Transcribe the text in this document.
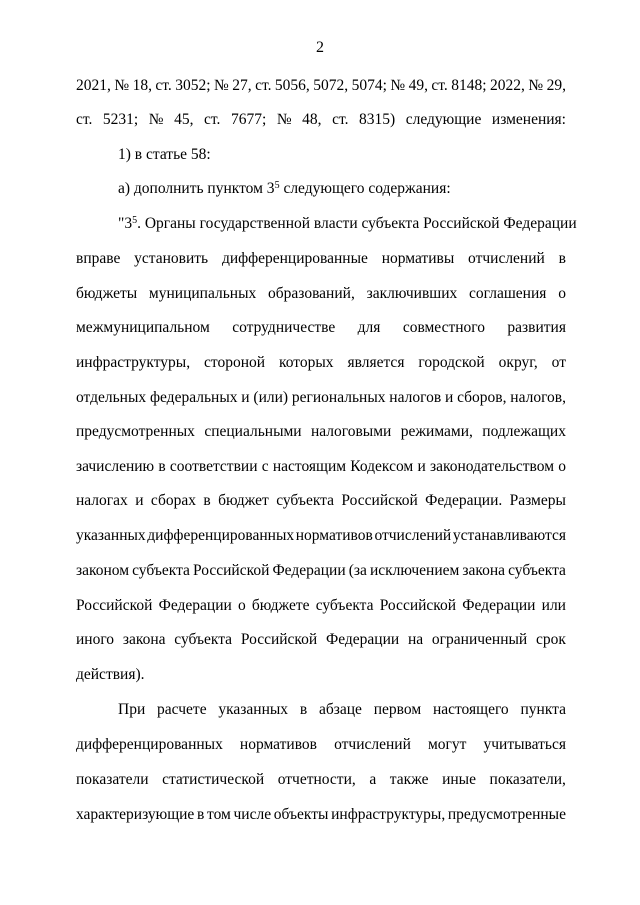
2
2021, № 18, ст. 3052; № 27, ст. 5056, 5072, 5074; № 49, ст. 8148; 2022, № 29,
ст. 5231; № 45, ст. 7677; № 48, ст. 8315) следующие изменения:
1) в статье 58:
а) дополнить пунктом $3^5$ следующего содержания:
"$3^5$. Органы государственной власти субъекта Российской Федерации
вправе установить дифференцированные нормативы отчислений в
бюджеты муниципальных образований, заключивших соглашения о
межмуниципальном сотрудничестве для совместного развития
инфраструктуры, стороной которых является городской округ, от
отдельных федеральных и (или) региональных налогов и сборов, налогов,
предусмотренных специальными налоговыми режимами, подлежащих
зачислению в соответствии с настоящим Кодексом и законодательством о
налогах и сборах в бюджет субъекта Российской Федерации. Размеры
указанных дифференцированных нормативов отчислений устанавливаются
законом субъекта Российской Федерации (за исключением закона субъекта
Российской Федерации о бюджете субъекта Российской Федерации или
иного закона субъекта Российской Федерации на ограниченный срок
действия).
При расчете указанных в абзаце первом настоящего пункта
дифференцированных нормативов отчислений могут учитываться
показатели статистической отчетности, а также иные показатели,
характеризующие в том числе объекты инфраструктуры, предусмотренные
